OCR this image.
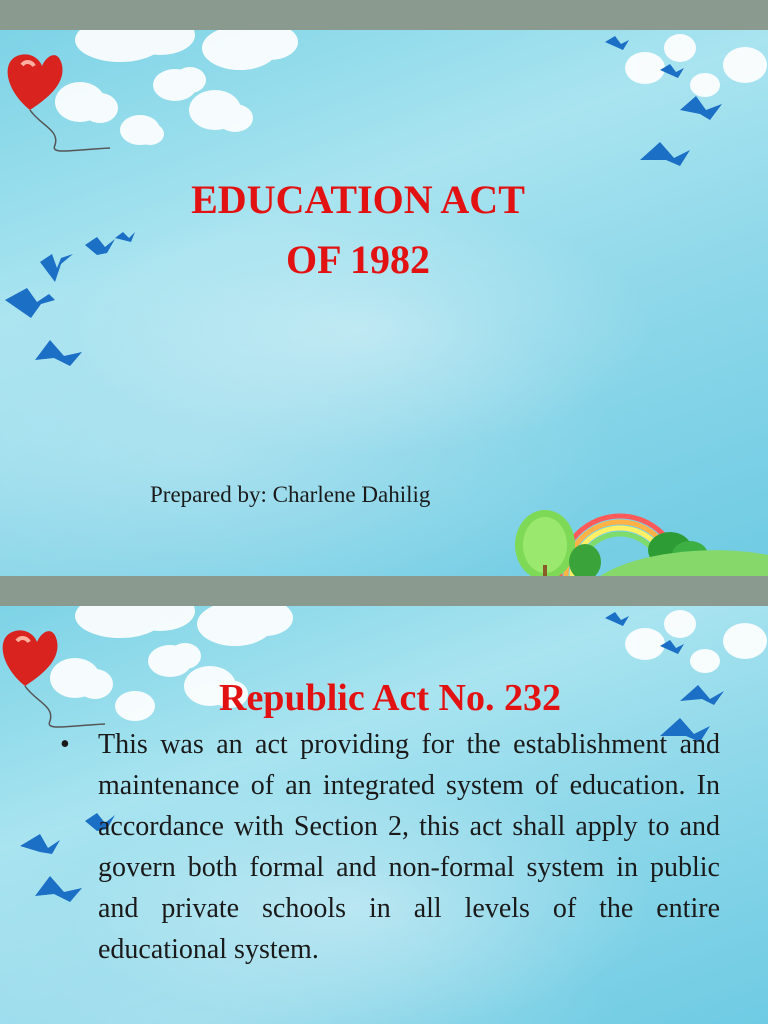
EDUCATION ACT
OF 1982
Prepared by: Charlene Dahilig
Republic Act No. 232
• This was an act providing for the establishment and maintenance of an integrated system of education. In accordance with Section 2, this act shall apply to and govern both formal and non-formal system in public and private schools in all levels of the entire educational system.
